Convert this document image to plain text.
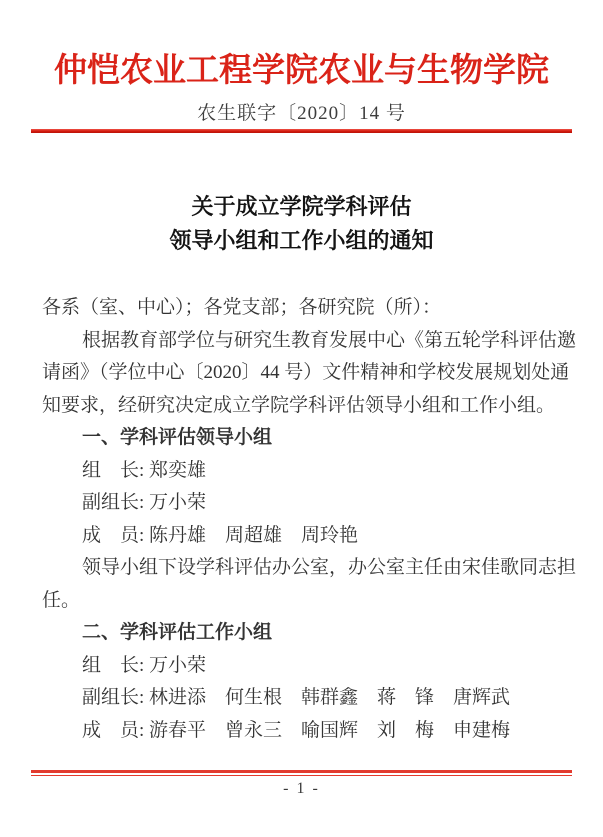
仲恺农业工程学院农业与生物学院
农生联字〔2020〕14 号
关于成立学院学科评估
领导小组和工作小组的通知
各系（室、中心）；各党支部；各研究院（所）：
根据教育部学位与研究生教育发展中心《第五轮学科评估邀
请函》（学位中心〔2020〕44 号）文件精神和学校发展规划处通
知要求，经研究决定成立学院学科评估领导小组和工作小组。
一、学科评估领导小组
组　长: 郑奕雄
副组长: 万小荣
成　员: 陈丹雄　周超雄　周玲艳
领导小组下设学科评估办公室，办公室主任由宋佳歌同志担
任。
二、学科评估工作小组
组　长: 万小荣
副组长: 林进添　何生根　韩群鑫　蒋　锋　唐辉武
成　员: 游春平　曾永三　喻国辉　刘　梅　申建梅
- 1 -
